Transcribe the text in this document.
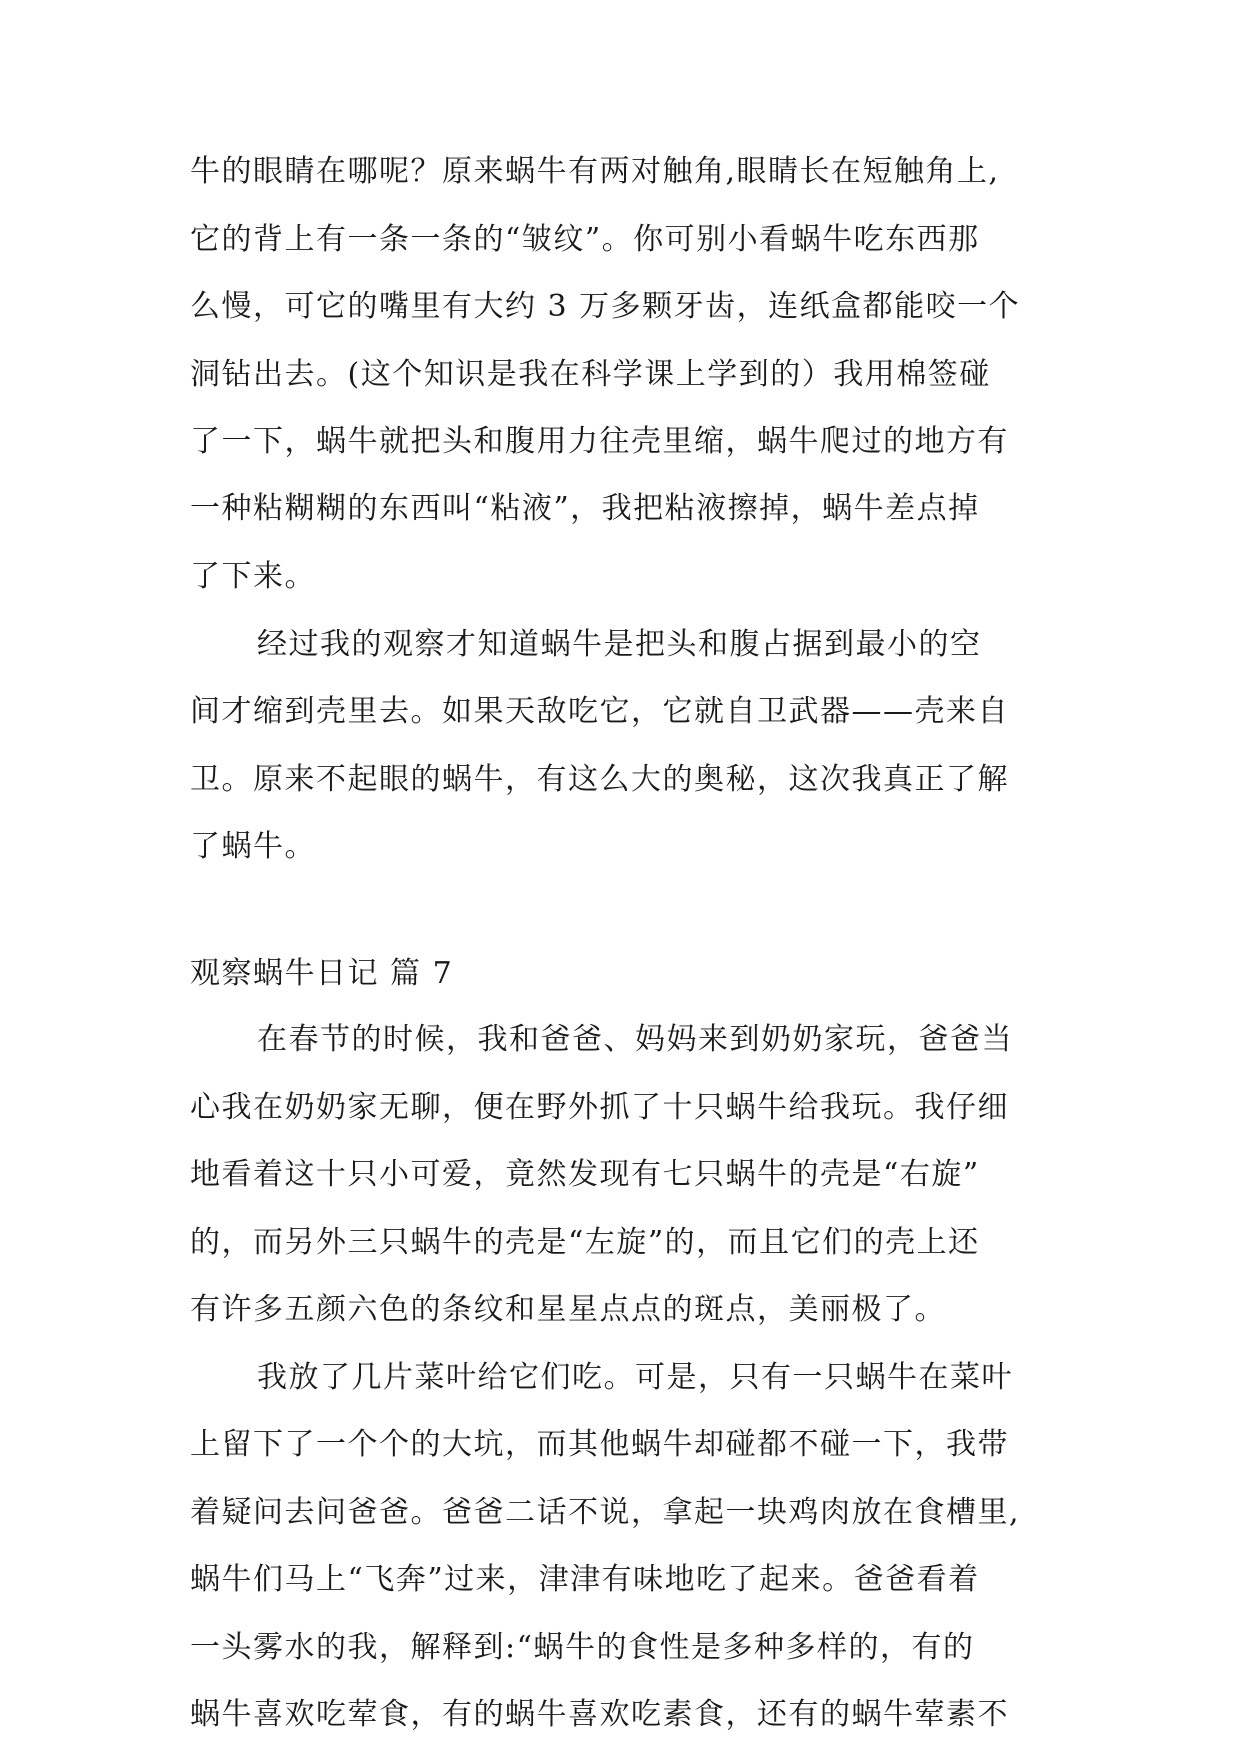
牛的眼睛在哪呢？原来蜗牛有两对触角,眼睛长在短触角上,
它的背上有一条一条的“皱纹”。你可别小看蜗牛吃东西那
么慢，可它的嘴里有大约 3 万多颗牙齿，连纸盒都能咬一个
洞钻出去。(这个知识是我在科学课上学到的）我用棉签碰
了一下，蜗牛就把头和腹用力往壳里缩，蜗牛爬过的地方有
一种粘糊糊的东西叫“粘液”，我把粘液擦掉，蜗牛差点掉
了下来。
经过我的观察才知道蜗牛是把头和腹占据到最小的空
间才缩到壳里去。如果天敌吃它，它就自卫武器——壳来自
卫。原来不起眼的蜗牛，有这么大的奥秘，这次我真正了解
了蜗牛。
观察蜗牛日记 篇 7
在春节的时候，我和爸爸、妈妈来到奶奶家玩，爸爸当
心我在奶奶家无聊，便在野外抓了十只蜗牛给我玩。我仔细
地看着这十只小可爱，竟然发现有七只蜗牛的壳是“右旋”
的，而另外三只蜗牛的壳是“左旋”的，而且它们的壳上还
有许多五颜六色的条纹和星星点点的斑点，美丽极了。
我放了几片菜叶给它们吃。可是，只有一只蜗牛在菜叶
上留下了一个个的大坑，而其他蜗牛却碰都不碰一下，我带
着疑问去问爸爸。爸爸二话不说，拿起一块鸡肉放在食槽里,
蜗牛们马上“飞奔”过来，津津有味地吃了起来。爸爸看着
一头雾水的我，解释到:“蜗牛的食性是多种多样的，有的
蜗牛喜欢吃荤食，有的蜗牛喜欢吃素食，还有的蜗牛荤素不
